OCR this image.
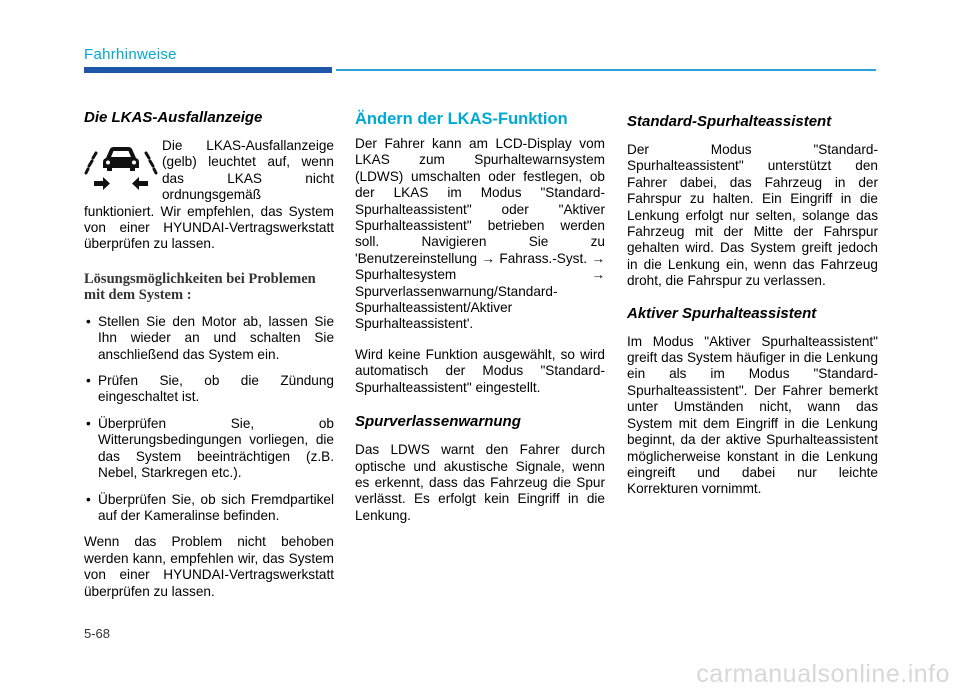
Fahrhinweise
Die LKAS-Ausfallanzeige

Die LKAS-Ausfallanzeige (gelb) leuchtet auf, wenn das LKAS nicht ordnungsgemäß funktioniert. Wir empfehlen, das System von einer HYUNDAI-Vertragswerkstatt überprüfen zu lassen.

Lösungsmöglichkeiten bei Problemen mit dem System :
• Stellen Sie den Motor ab, lassen Sie Ihn wieder an und schalten Sie anschließend das System ein.
• Prüfen Sie, ob die Zündung eingeschaltet ist.
• Überprüfen Sie, ob Witterungsbedingungen vorliegen, die das System beeinträchtigen (z.B. Nebel, Starkregen etc.).
• Überprüfen Sie, ob sich Fremdpartikel auf der Kameralinse befinden.

Wenn das Problem nicht behoben werden kann, empfehlen wir, das System von einer HYUNDAI-Vertragswerkstatt überprüfen zu lassen.

Ändern der LKAS-Funktion

Der Fahrer kann am LCD-Display vom LKAS zum Spurhaltewarnsystem (LDWS) umschalten oder festlegen, ob der LKAS im Modus "Standard-Spurhalteassistent" oder "Aktiver Spurhalteassistent" betrieben werden soll. Navigieren Sie zu 'Benutzereinstellung → Fahrass.-Syst. → Spurhaltesystem → Spurverlassenwarnung/Standard-Spurhalteassistent/Aktiver Spurhalteassistent'.

Wird keine Funktion ausgewählt, so wird automatisch der Modus "Standard-Spurhalteassistent" eingestellt.

Spurverlassenwarnung

Das LDWS warnt den Fahrer durch optische und akustische Signale, wenn es erkennt, dass das Fahrzeug die Spur verlässt. Es erfolgt kein Eingriff in die Lenkung.

Standard-Spurhalteassistent

Der Modus "Standard-Spurhalteassistent" unterstützt den Fahrer dabei, das Fahrzeug in der Fahrspur zu halten. Ein Eingriff in die Lenkung erfolgt nur selten, solange das Fahrzeug mit der Mitte der Fahrspur gehalten wird. Das System greift jedoch in die Lenkung ein, wenn das Fahrzeug droht, die Fahrspur zu verlassen.

Aktiver Spurhalteassistent

Im Modus "Aktiver Spurhalteassistent" greift das System häufiger in die Lenkung ein als im Modus "Standard-Spurhalteassistent". Der Fahrer bemerkt unter Umständen nicht, wann das System mit dem Eingriff in die Lenkung beginnt, da der aktive Spurhalteassistent möglicherweise konstant in die Lenkung eingreift und dabei nur leichte Korrekturen vornimmt.

5-68
carmanualsonline.info
